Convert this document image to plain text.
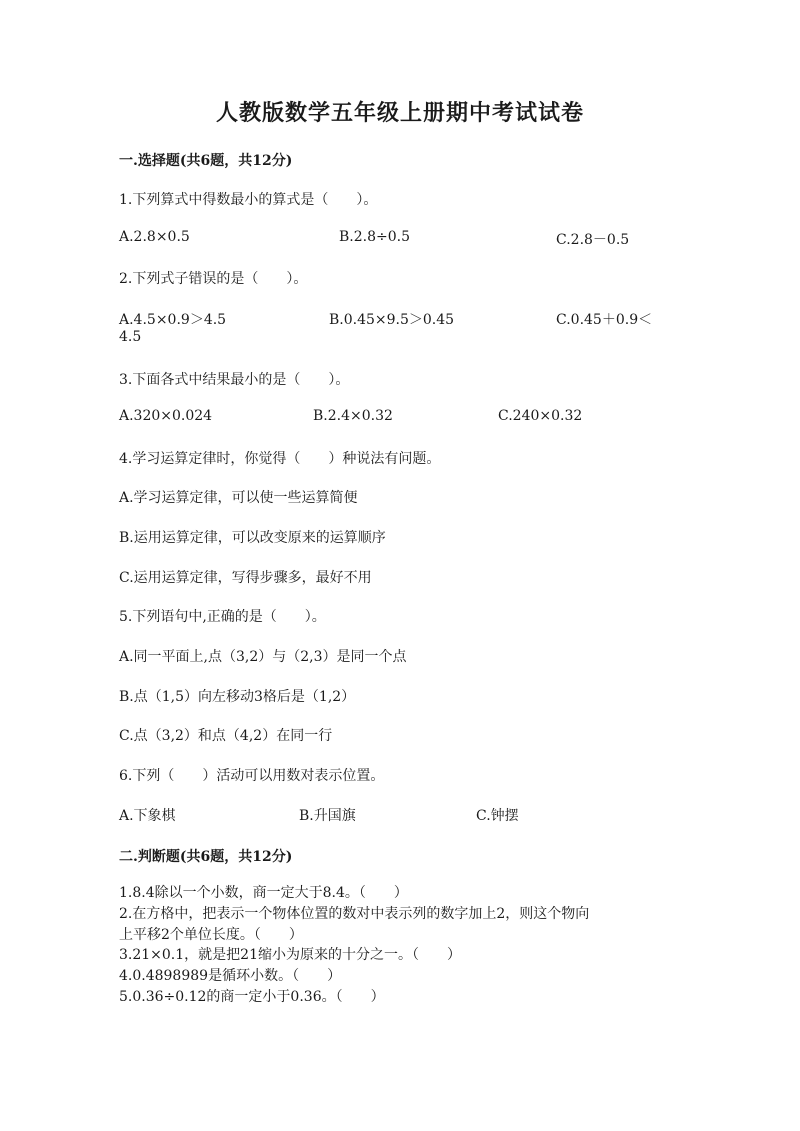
人教版数学五年级上册期中考试试卷
一.选择题(共6题，共12分)
1.下列算式中得数最小的算式是（　　）。
A.2.8×0.5	B.2.8÷0.5	C.2.8－0.5
2.下列式子错误的是（　　）。
A.4.5×0.9＞4.5	B.0.45×9.5＞0.45	C.0.45＋0.9＜
4.5
3.下面各式中结果最小的是（　　）。
A.320×0.024	B.2.4×0.32	C.240×0.32
4.学习运算定律时，你觉得（　　）种说法有问题。
A.学习运算定律，可以使一些运算简便
B.运用运算定律，可以改变原来的运算顺序
C.运用运算定律，写得步骤多，最好不用
5.下列语句中,正确的是（　　）。
A.同一平面上,点（3,2）与（2,3）是同一个点
B.点（1,5）向左移动3格后是（1,2）
C.点（3,2）和点（4,2）在同一行
6.下列（　　）活动可以用数对表示位置。
A.下象棋	B.升国旗	C.钟摆
二.判断题(共6题，共12分)
1.8.4除以一个小数，商一定大于8.4。（　　）
2.在方格中，把表示一个物体位置的数对中表示列的数字加上2，则这个物向
上平移2个单位长度。（　　）
3.21×0.1，就是把21缩小为原来的十分之一。（　　）
4.0.4898989是循环小数。（　　）
5.0.36÷0.12的商一定小于0.36。（　　）
